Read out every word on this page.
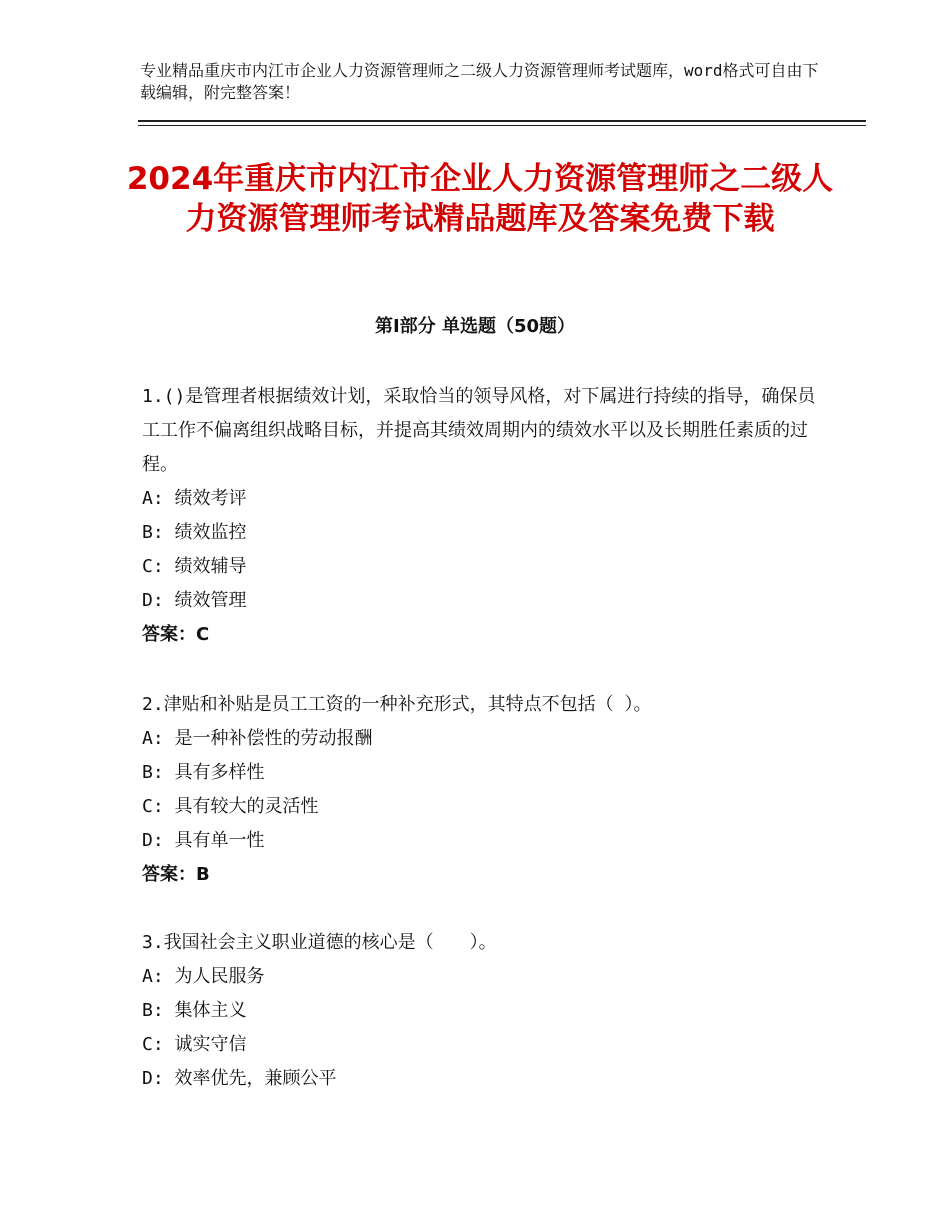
专业精品重庆市内江市企业人力资源管理师之二级人力资源管理师考试题库，word格式可自由下载编辑，附完整答案！
2024年重庆市内江市企业人力资源管理师之二级人力资源管理师考试精品题库及答案免费下载
第Ⅰ部分 单选题（50题）

1.()是管理者根据绩效计划，采取恰当的领导风格，对下属进行持续的指导，确保员工工作不偏离组织战略目标，并提高其绩效周期内的绩效水平以及长期胜任素质的过程。

A: 绩效考评

B: 绩效监控

C: 绩效辅导

D: 绩效管理

答案：C

2.津贴和补贴是员工工资的一种补充形式，其特点不包括（ ）。

A: 是一种补偿性的劳动报酬

B: 具有多样性

C: 具有较大的灵活性

D: 具有单一性

答案：B

3.我国社会主义职业道德的核心是（　　）。

A: 为人民服务

B: 集体主义

C: 诚实守信

D: 效率优先，兼顾公平
